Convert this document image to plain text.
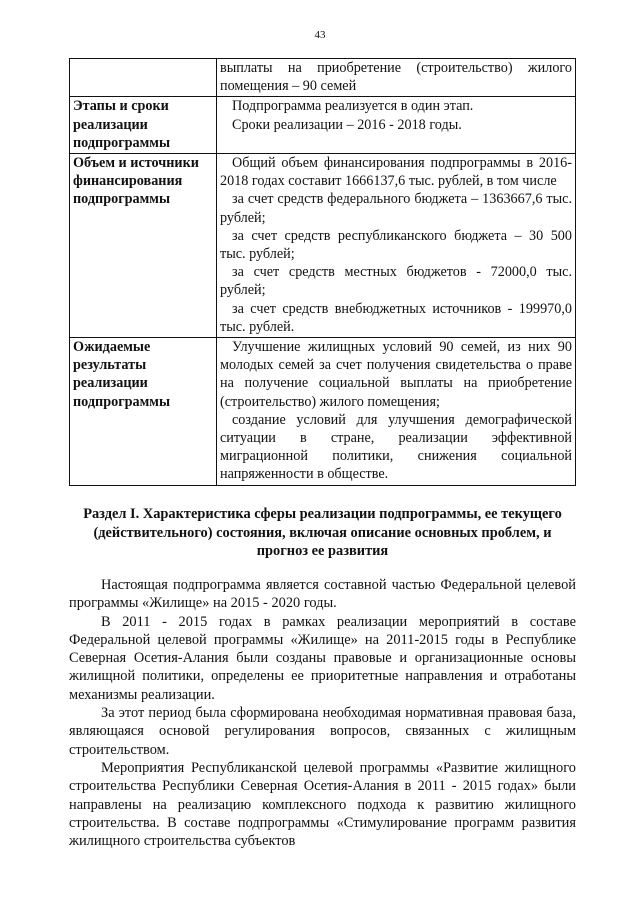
43

	выплаты на приобретение (строительство) жилого помещения – 90 семей

Этапы и сроки реализации подпрограммы	Подпрограмма реализуется в один этап.

Сроки реализации – 2016 - 2018 годы.

Объем и источники финансирования подпрограммы	Общий объем финансирования подпрограммы в 2016-2018 годах составит 1666137,6 тыс. рублей, в том числе

за счет средств федерального бюджета – 1363667,6 тыс. рублей;

за счет средств республиканского бюджета – 30 500 тыс. рублей;

за счет средств местных бюджетов - 72000,0 тыс. рублей;

за счет средств внебюджетных источников - 199970,0 тыс. рублей.

Ожидаемые результаты реализации подпрограммы	Улучшение жилищных условий 90 семей, из них 90 молодых семей за счет получения свидетельства о праве на получение социальной выплаты на приобретение (строительство) жилого помещения;

создание условий для улучшения демографической ситуации в стране, реализации эффективной миграционной политики, снижения социальной напряженности в обществе.

Раздел I. Характеристика сферы реализации подпрограммы, ее текущего (действительного) состояния, включая описание основных проблем, и прогноз ее развития

Настоящая подпрограмма является составной частью Федеральной целевой программы «Жилище» на 2015 - 2020 годы.

В 2011 - 2015 годах в рамках реализации мероприятий в составе Федеральной целевой программы «Жилище» на 2011-2015 годы в Республике Северная Осетия-Алания были созданы правовые и организационные основы жилищной политики, определены ее приоритетные направления и отработаны механизмы реализации.

За этот период была сформирована необходимая нормативная правовая база, являющаяся основой регулирования вопросов, связанных с жилищным строительством.

Мероприятия Республиканской целевой программы «Развитие жилищного строительства Республики Северная Осетия-Алания в 2011 - 2015 годах» были направлены на реализацию комплексного подхода к развитию жилищного строительства. В составе подпрограммы «Стимулирование программ развития жилищного строительства субъектов
